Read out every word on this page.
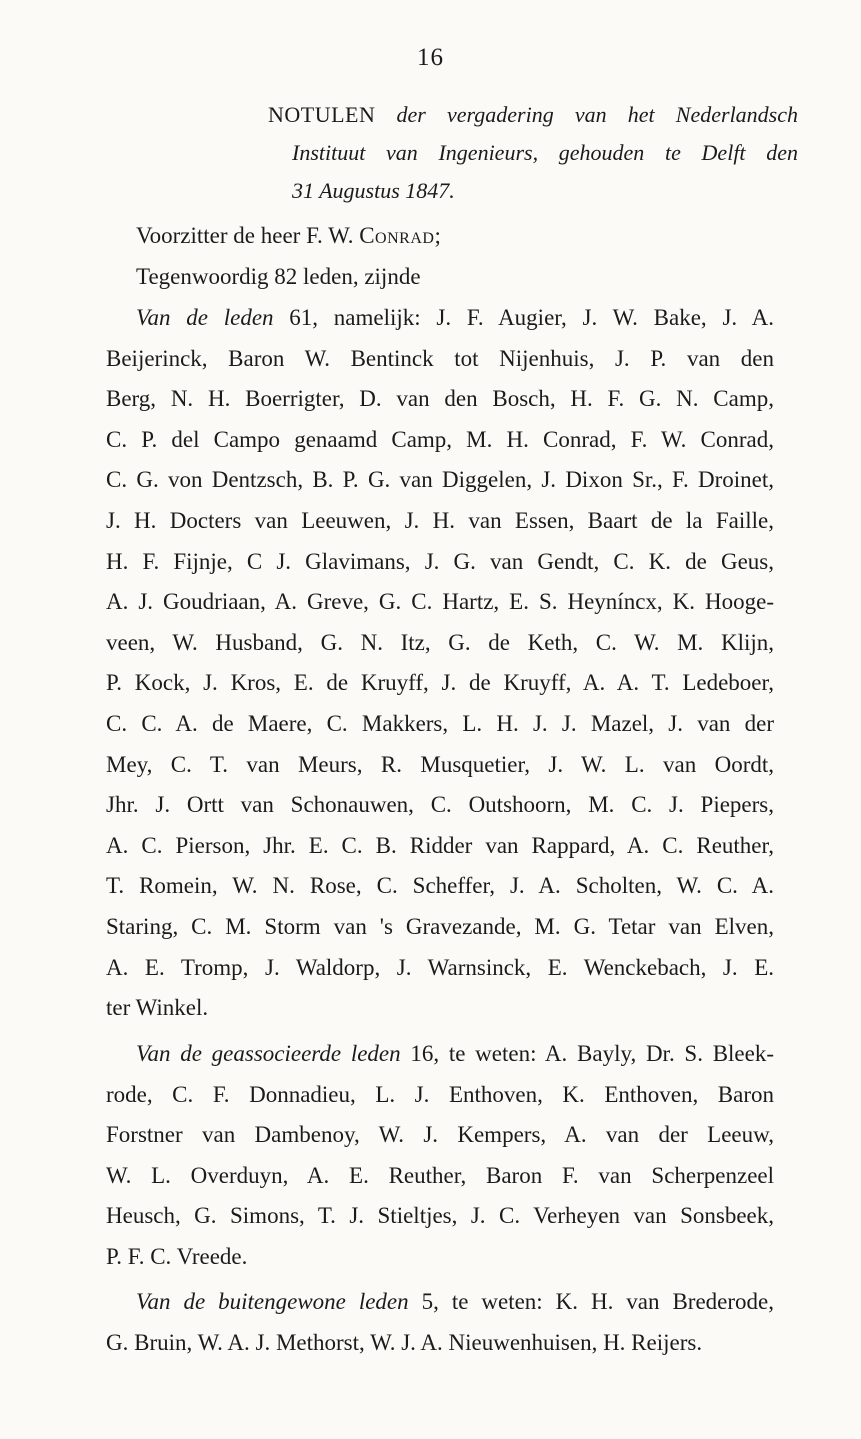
16
NOTULEN der vergadering van het Nederlandsch
Instituut van Ingenieurs, gehouden te Delft den
31 Augustus 1847.
Voorzitter de heer F. W. Conrad;
Tegenwoordig 82 leden, zijnde
Van de leden 61, namelijk: J. F. Augier, J. W. Bake, J. A.
Beijerinck, Baron W. Bentinck tot Nijenhuis, J. P. van den
Berg, N. H. Boerrigter, D. van den Bosch, H. F. G. N. Camp,
C. P. del Campo genaamd Camp, M. H. Conrad, F. W. Conrad,
C. G. von Dentzsch, B. P. G. van Diggelen, J. Dixon Sr., F. Droinet,
J. H. Docters van Leeuwen, J. H. van Essen, Baart de la Faille,
H. F. Fijnje, C J. Glavimans, J. G. van Gendt, C. K. de Geus,
A. J. Goudriaan, A. Greve, G. C. Hartz, E. S. Heyníncx, K. Hooge-
veen, W. Husband, G. N. Itz, G. de Keth, C. W. M. Klijn,
P. Kock, J. Kros, E. de Kruyff, J. de Kruyff, A. A. T. Ledeboer,
C. C. A. de Maere, C. Makkers, L. H. J. J. Mazel, J. van der
Mey, C. T. van Meurs, R. Musquetier, J. W. L. van Oordt,
Jhr. J. Ortt van Schonauwen, C. Outshoorn, M. C. J. Piepers,
A. C. Pierson, Jhr. E. C. B. Ridder van Rappard, A. C. Reuther,
T. Romein, W. N. Rose, C. Scheffer, J. A. Scholten, W. C. A.
Staring, C. M. Storm van 's Gravezande, M. G. Tetar van Elven,
A. E. Tromp, J. Waldorp, J. Warnsinck, E. Wenckebach, J. E.
ter Winkel.
Van de geassocieerde leden 16, te weten: A. Bayly, Dr. S. Bleek-
rode, C. F. Donnadieu, L. J. Enthoven, K. Enthoven, Baron
Forstner van Dambenoy, W. J. Kempers, A. van der Leeuw,
W. L. Overduyn, A. E. Reuther, Baron F. van Scherpenzeel
Heusch, G. Simons, T. J. Stieltjes, J. C. Verheyen van Sonsbeek,
P. F. C. Vreede.
Van de buitengewone leden 5, te weten: K. H. van Brederode,
G. Bruin, W. A. J. Methorst, W. J. A. Nieuwenhuisen, H. Reijers.
